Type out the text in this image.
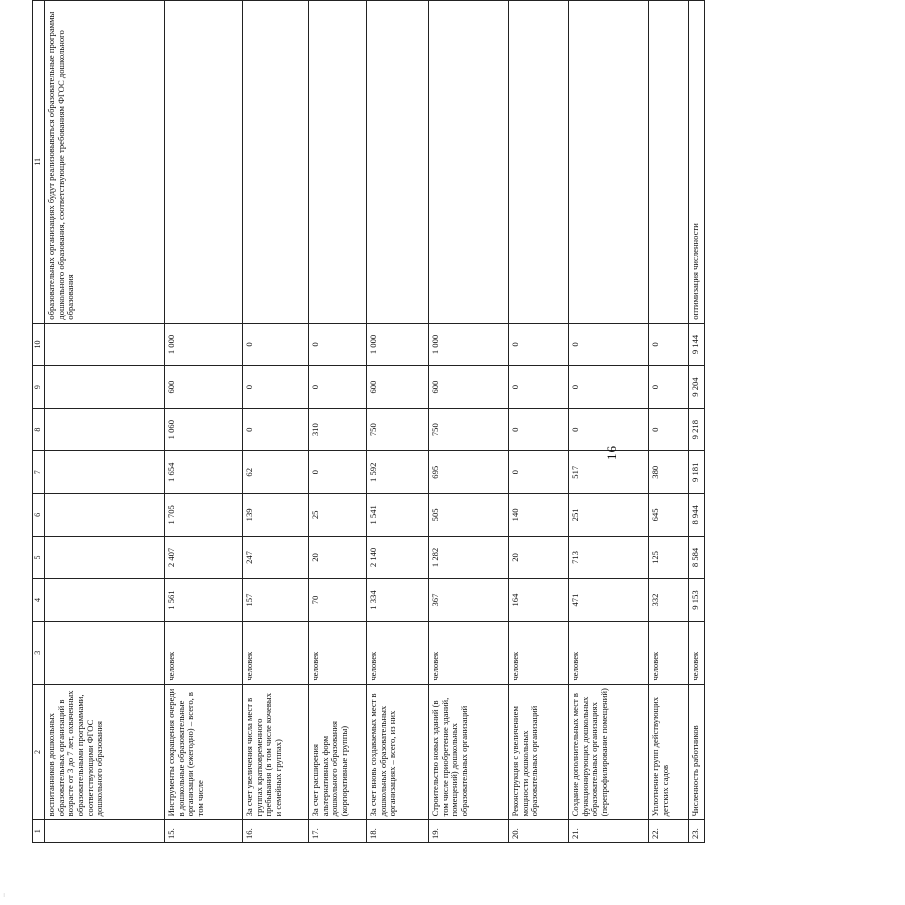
··
1	2	3	4	5	6	7	8	9	10	11
	воспитанников дошкольных образовательных организаций в возрасте от 3 до 7 лет, охваченных образовательными программами, соответствующими ФГОС дошкольного образования									образовательных организациях будут реализовываться образовательные программы дошкольного образования, соответствующие требованиям ФГОС дошкольного образования
15.	Инструменты сокращения очереди в дошкольные образовательные организации (ежегодно) – всего, в том числе	человек	1 561	2 407	1 705	1 654	1 060	600	1 000	
16.	За счет увеличения числа мест в группах кратковременного пребывания (в том числе кочевых и семейных группах)	человек	157	247	139	62	0	0	0	
17.	За счет расширения альтернативных форм дошкольного образования (корпоративные группы)	человек	70	20	25	0	310	0	0	
18.	За счет вновь создаваемых мест в дошкольных образовательных организациях – всего, из них	человек	1 334	2 140	1 541	1 592	750	600	1 000	
19.	Строительство новых зданий (в том числе приобретение зданий, помещений) дошкольных образовательных организаций	человек	367	1 282	505	695	750	600	1 000	
20.	Реконструкция с увеличением мощности дошкольных образовательных организаций	человек	164	20	140	0	0	0	0	
21.	Создание дополнительных мест в функционирующих дошкольных образовательных организациях (перепрофилирование помещений)	человек	471	713	251	517	0	0	0	
22.	Уплотнение групп действующих детских садов	человек	332	125	645	380	0	0	0	
23.	Численность работников	человек	9 153	8 584	8 944	9 181	9 218	9 204	9 144	оптимизация численности
16
